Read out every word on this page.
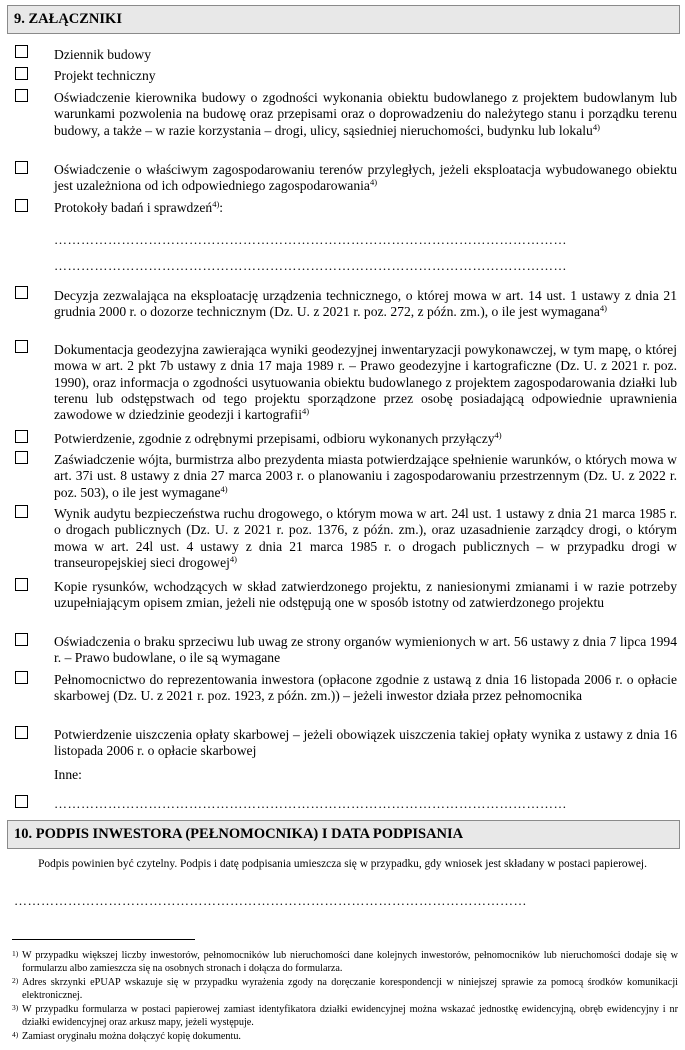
9. ZAŁĄCZNIKI
Dziennik budowy
Projekt techniczny
Oświadczenie kierownika budowy o zgodności wykonania obiektu budowlanego z projektem budowlanym lub warunkami pozwolenia na budowę oraz przepisami oraz o doprowadzeniu do należytego stanu i porządku terenu budowy, a także – w razie korzystania – drogi, ulicy, sąsiedniej nieruchomości, budynku lub lokalu$^{4)}$
Oświadczenie o właściwym zagospodarowaniu terenów przyległych, jeżeli eksploatacja wybudowanego obiektu jest uzależniona od ich odpowiedniego zagospodarowania$^{4)}$
Protokoły badań i sprawdzeń$^{4)}$:
……………………………………………………………………………………………………
……………………………………………………………………………………………………
Decyzja zezwalająca na eksploatację urządzenia technicznego, o której mowa w art. 14 ust. 1 ustawy z dnia 21 grudnia 2000 r. o dozorze technicznym (Dz. U. z 2021 r. poz. 272, z późn. zm.), o ile jest wymagana$^{4)}$
Dokumentacja geodezyjna zawierająca wyniki geodezyjnej inwentaryzacji powykonawczej, w tym mapę, o której mowa w art. 2 pkt 7b ustawy z dnia 17 maja 1989 r. – Prawo geodezyjne i kartograficzne (Dz. U. z 2021 r. poz. 1990), oraz informacja o zgodności usytuowania obiektu budowlanego z projektem zagospodarowania działki lub terenu lub odstępstwach od tego projektu sporządzone przez osobę posiadającą odpowiednie uprawnienia zawodowe w dziedzinie geodezji i kartografii$^{4)}$
Potwierdzenie, zgodnie z odrębnymi przepisami, odbioru wykonanych przyłączy$^{4)}$
Zaświadczenie wójta, burmistrza albo prezydenta miasta potwierdzające spełnienie warunków, o których mowa w art. 37i ust. 8 ustawy z dnia 27 marca 2003 r. o planowaniu i zagospodarowaniu przestrzennym (Dz. U. z 2022 r. poz. 503), o ile jest wymagane$^{4)}$
Wynik audytu bezpieczeństwa ruchu drogowego, o którym mowa w art. 24l ust. 1 ustawy z dnia 21 marca 1985 r. o drogach publicznych (Dz. U. z 2021 r. poz. 1376, z późn. zm.), oraz uzasadnienie zarządcy drogi, o którym mowa w art. 24l ust. 4 ustawy z dnia 21 marca 1985 r. o drogach publicznych – w przypadku drogi w transeuropejskiej sieci drogowej$^{4)}$
Kopie rysunków, wchodzących w skład zatwierdzonego projektu, z naniesionymi zmianami i w razie potrzeby uzupełniającym opisem zmian, jeżeli nie odstępują one w sposób istotny od zatwierdzonego projektu
Oświadczenia o braku sprzeciwu lub uwag ze strony organów wymienionych w art. 56 ustawy z dnia 7 lipca 1994 r. – Prawo budowlane, o ile są wymagane
Pełnomocnictwo do reprezentowania inwestora (opłacone zgodnie z ustawą z dnia 16 listopada 2006 r. o opłacie skarbowej (Dz. U. z 2021 r. poz. 1923, z późn. zm.)) – jeżeli inwestor działa przez pełnomocnika
Potwierdzenie uiszczenia opłaty skarbowej – jeżeli obowiązek uiszczenia takiej opłaty wynika z ustawy z dnia 16 listopada 2006 r. o opłacie skarbowej
Inne:
……………………………………………………………………………………………………
10. PODPIS INWESTORA (PEŁNOMOCNIKA) I DATA PODPISANIA
Podpis powinien być czytelny. Podpis i datę podpisania umieszcza się w przypadku, gdy wniosek jest składany w postaci papierowej.
……………………………………………………………………………………………………
1) W przypadku większej liczby inwestorów, pełnomocników lub nieruchomości dane kolejnych inwestorów, pełnomocników lub nieruchomości dodaje się w formularzu albo zamieszcza się na osobnych stronach i dołącza do formularza.
2) Adres skrzynki ePUAP wskazuje się w przypadku wyrażenia zgody na doręczanie korespondencji w niniejszej sprawie za pomocą środków komunikacji elektronicznej.
3) W przypadku formularza w postaci papierowej zamiast identyfikatora działki ewidencyjnej można wskazać jednostkę ewidencyjną, obręb ewidencyjny i nr działki ewidencyjnej oraz arkusz mapy, jeżeli występuje.
4) Zamiast oryginału można dołączyć kopię dokumentu.
